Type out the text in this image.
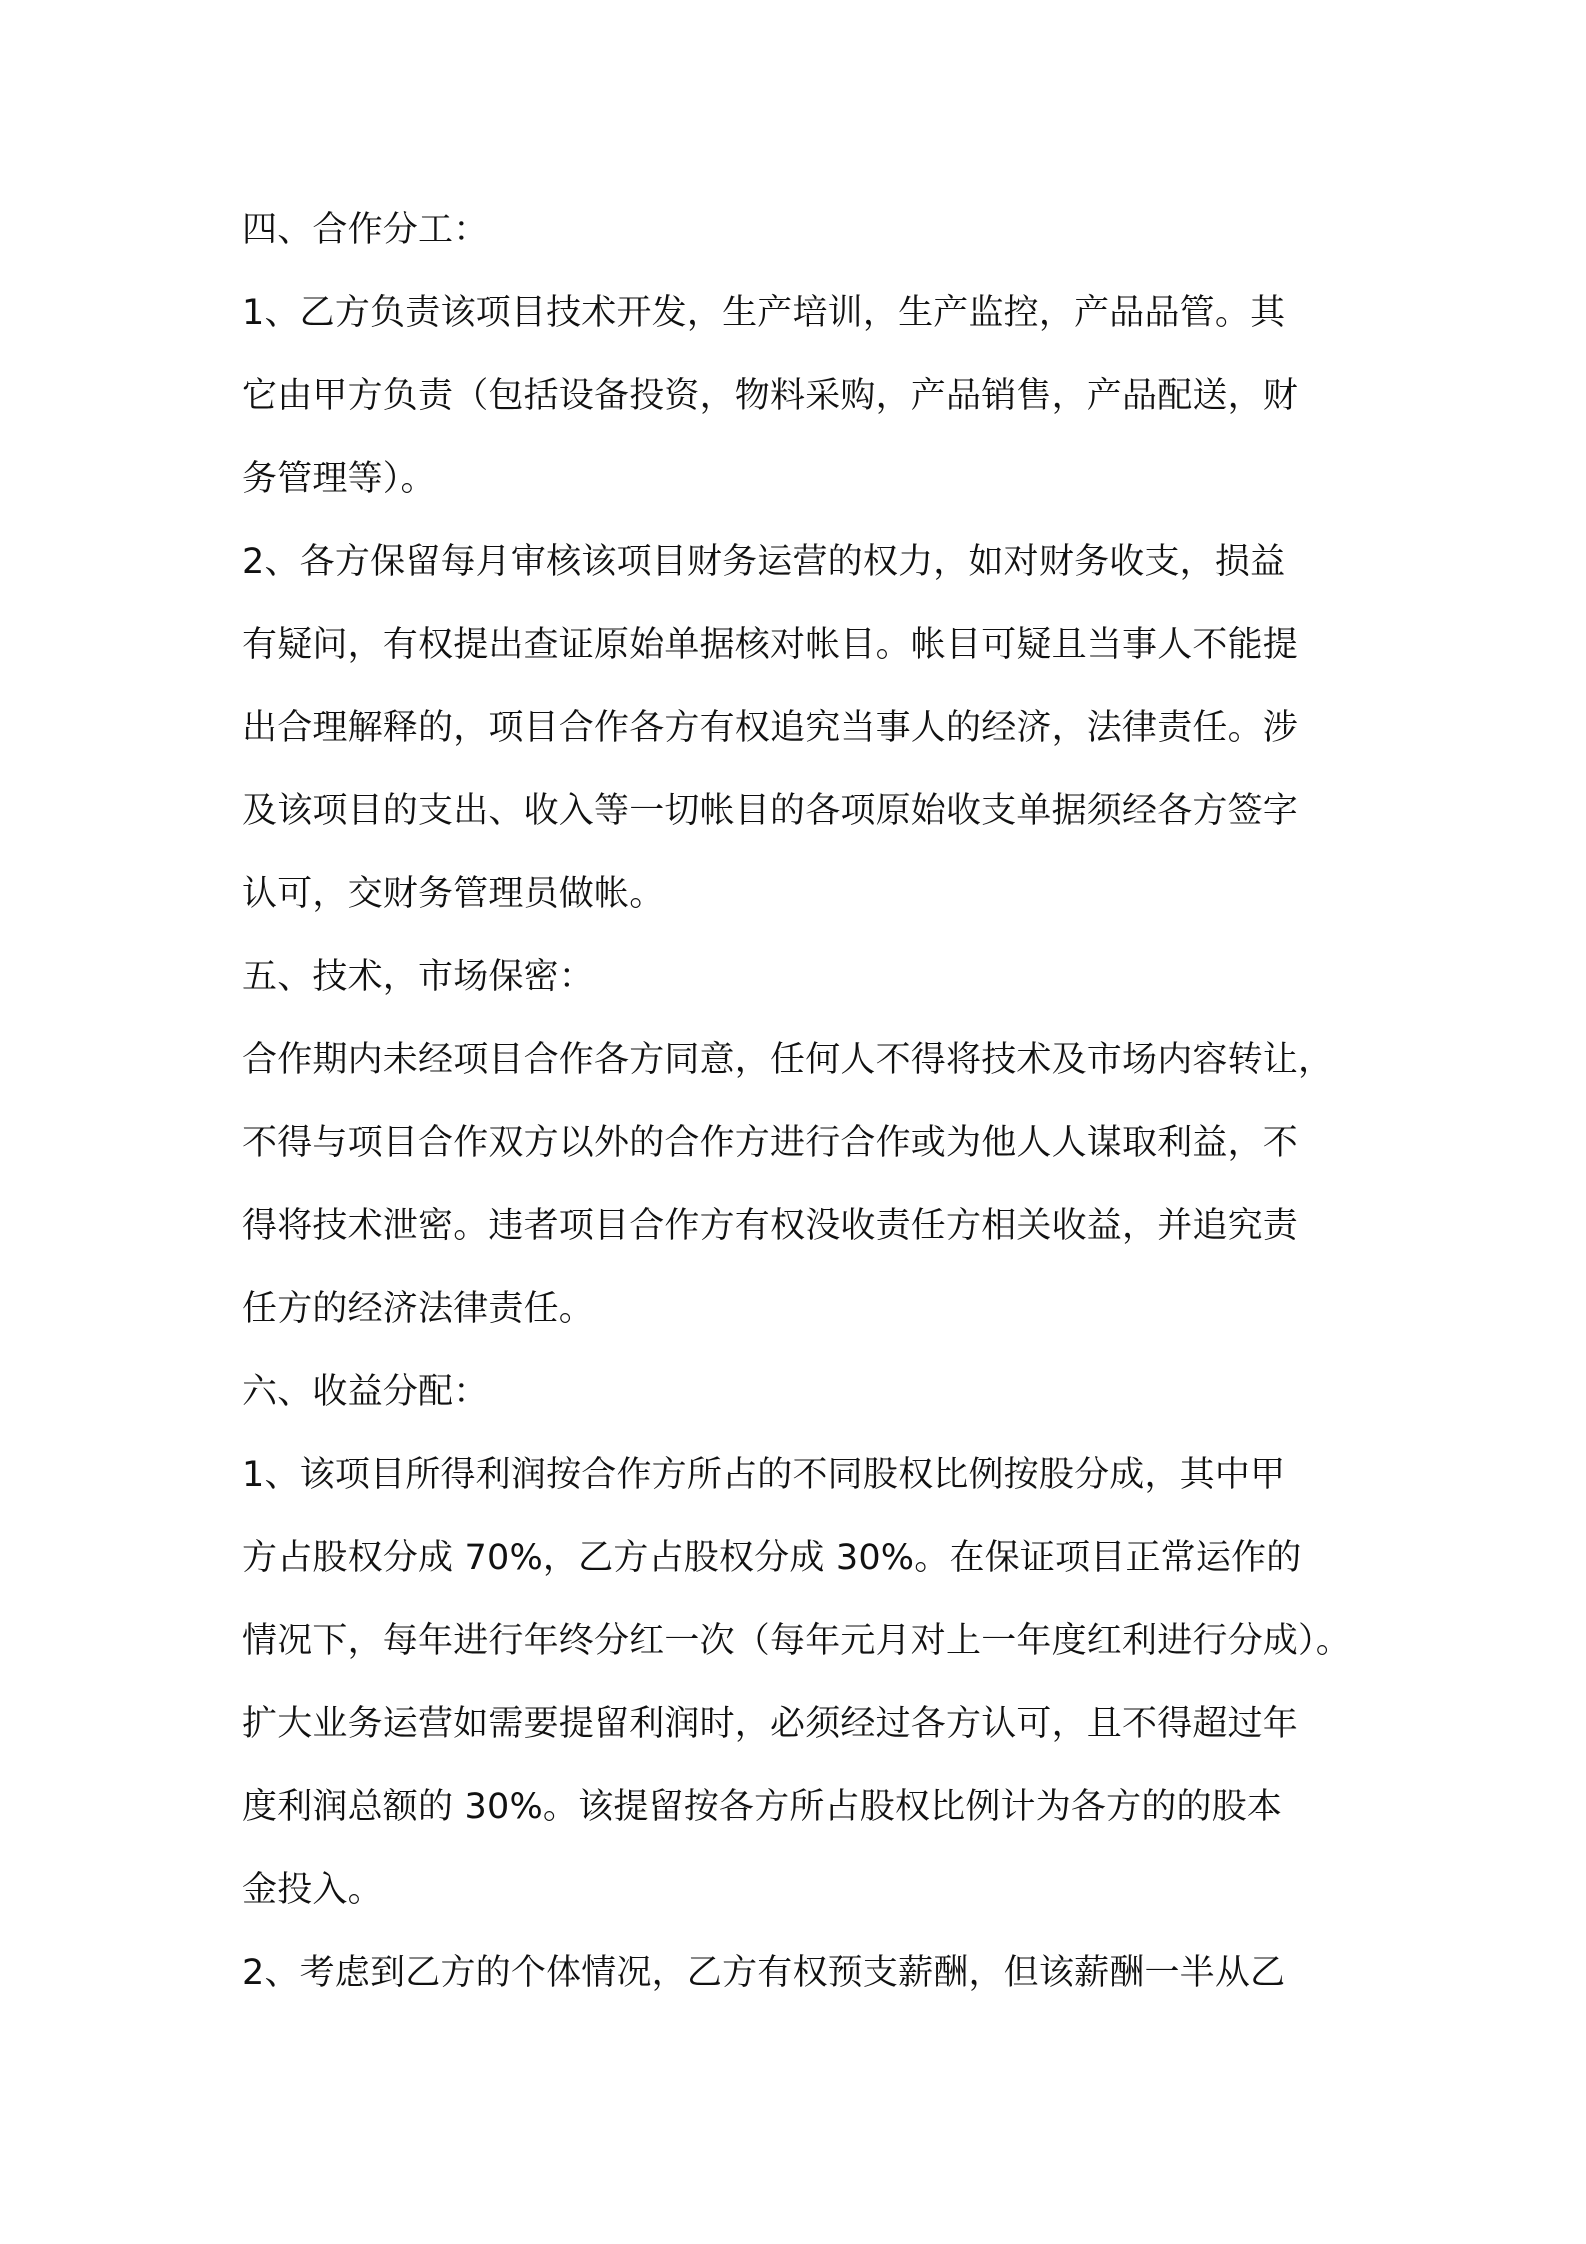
四、合作分工：
1、乙方负责该项目技术开发，生产培训，生产监控，产品品管。其
它由甲方负责（包括设备投资，物料采购，产品销售，产品配送，财
务管理等）。
2、各方保留每月审核该项目财务运营的权力，如对财务收支，损益
有疑问，有权提出查证原始单据核对帐目。帐目可疑且当事人不能提
出合理解释的，项目合作各方有权追究当事人的经济，法律责任。涉
及该项目的支出、收入等一切帐目的各项原始收支单据须经各方签字
认可，交财务管理员做帐。
五、技术，市场保密：
合作期内未经项目合作各方同意，任何人不得将技术及市场内容转让，
不得与项目合作双方以外的合作方进行合作或为他人人谋取利益，不
得将技术泄密。违者项目合作方有权没收责任方相关收益，并追究责
任方的经济法律责任。
六、收益分配：
1、该项目所得利润按合作方所占的不同股权比例按股分成，其中甲
方占股权分成 70%，乙方占股权分成 30%。在保证项目正常运作的
情况下，每年进行年终分红一次（每年元月对上一年度红利进行分成）。
扩大业务运营如需要提留利润时，必须经过各方认可，且不得超过年
度利润总额的 30%。该提留按各方所占股权比例计为各方的的股本
金投入。
2、考虑到乙方的个体情况，乙方有权预支薪酬，但该薪酬一半从乙
